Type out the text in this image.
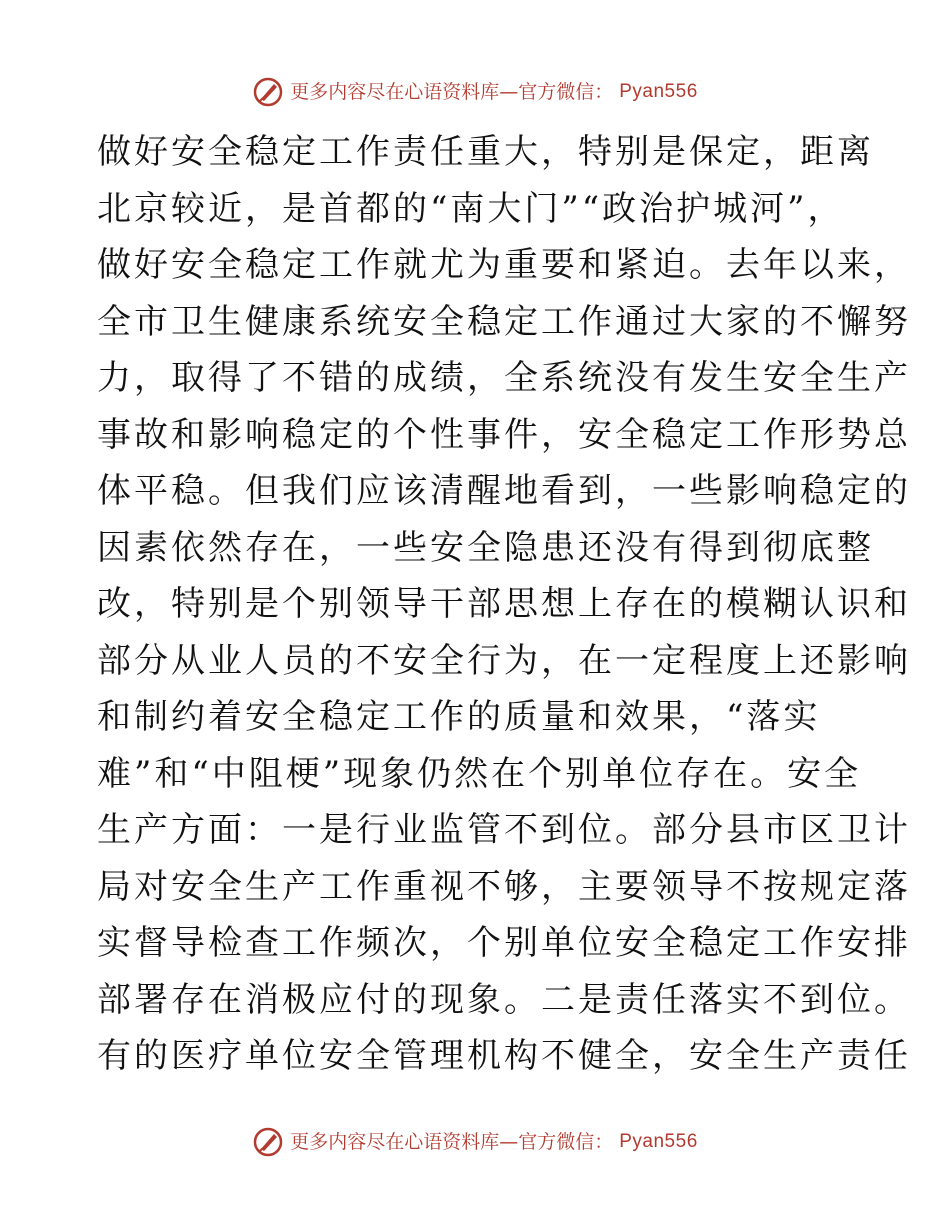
更多内容尽在心语资料库—官方微信： Pyan556
做好安全稳定工作责任重大，特别是保定，距离
北京较近，是首都的“南大门”“政治护城河”，
做好安全稳定工作就尤为重要和紧迫。去年以来，
全市卫生健康系统安全稳定工作通过大家的不懈努
力，取得了不错的成绩，全系统没有发生安全生产
事故和影响稳定的个性事件，安全稳定工作形势总
体平稳。但我们应该清醒地看到，一些影响稳定的
因素依然存在，一些安全隐患还没有得到彻底整
改，特别是个别领导干部思想上存在的模糊认识和
部分从业人员的不安全行为，在一定程度上还影响
和制约着安全稳定工作的质量和效果，“落实
难”和“中阻梗”现象仍然在个别单位存在。安全
生产方面：一是行业监管不到位。部分县市区卫计
局对安全生产工作重视不够，主要领导不按规定落
实督导检查工作频次，个别单位安全稳定工作安排
部署存在消极应付的现象。二是责任落实不到位。
有的医疗单位安全管理机构不健全，安全生产责任
更多内容尽在心语资料库—官方微信： Pyan556
